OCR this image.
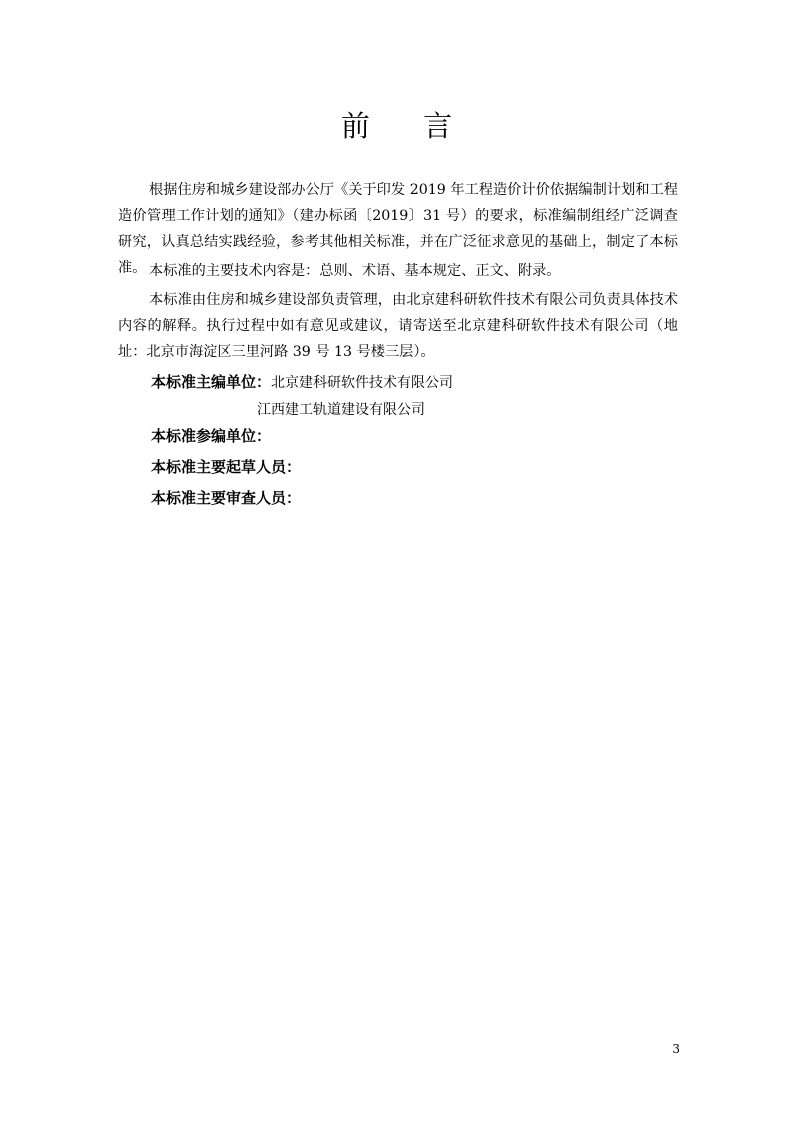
前 言

根据住房和城乡建设部办公厅《关于印发 2019 年工程造价计价依据编制计划和工程造价管理工作计划的通知》（建办标函〔2019〕31 号）的要求，标准编制组经广泛调查研究，认真总结实践经验，参考其他相关标准，并在广泛征求意见的基础上，制定了本标准。 本标准的主要技术内容是：总则、术语、基本规定、正文、附录。

本标准由住房和城乡建设部负责管理，由北京建科研软件技术有限公司负责具体技术内容的解释。执行过程中如有意见或建议，请寄送至北京建科研软件技术有限公司（地址：北京市海淀区三里河路 39 号 13 号楼三层）。

本标准主编单位：北京建科研软件技术有限公司
江西建工轨道建设有限公司
本标准参编单位：
本标准主要起草人员：
本标准主要审查人员：
3
